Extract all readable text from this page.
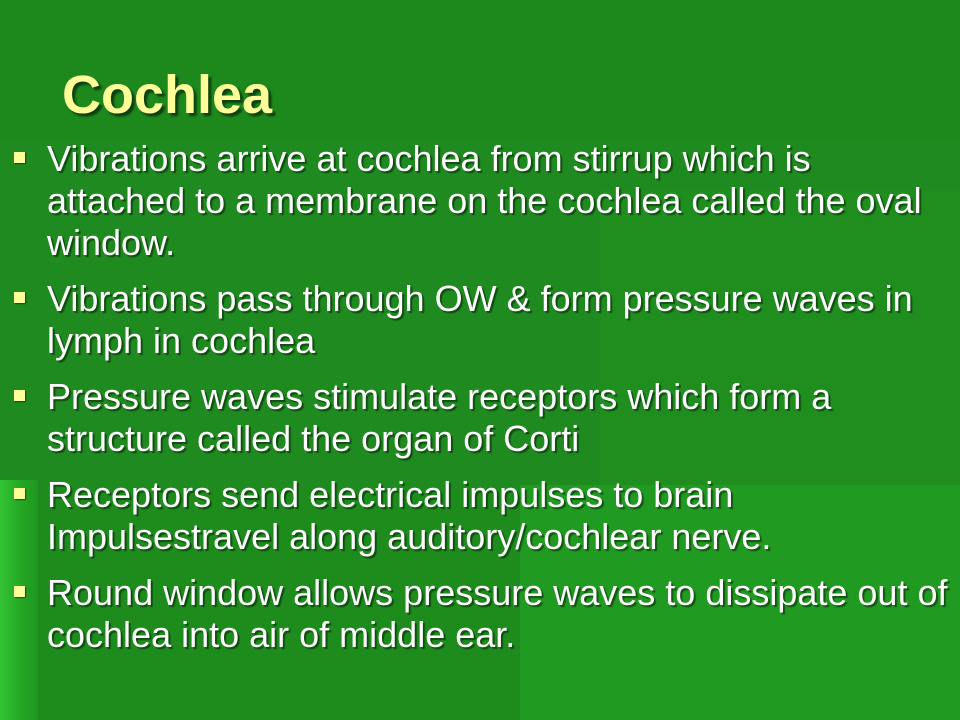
Cochlea
Vibrations arrive at cochlea from stirrup which is attached to a membrane on the cochlea called the oval window.
Vibrations pass through OW & form pressure waves in lymph in cochlea
Pressure waves stimulate receptors which form a structure called the organ of Corti
Receptors send electrical impulses to brain Impulsestravel along auditory/cochlear nerve.
Round window allows pressure waves to dissipate out of cochlea into air of middle ear.
